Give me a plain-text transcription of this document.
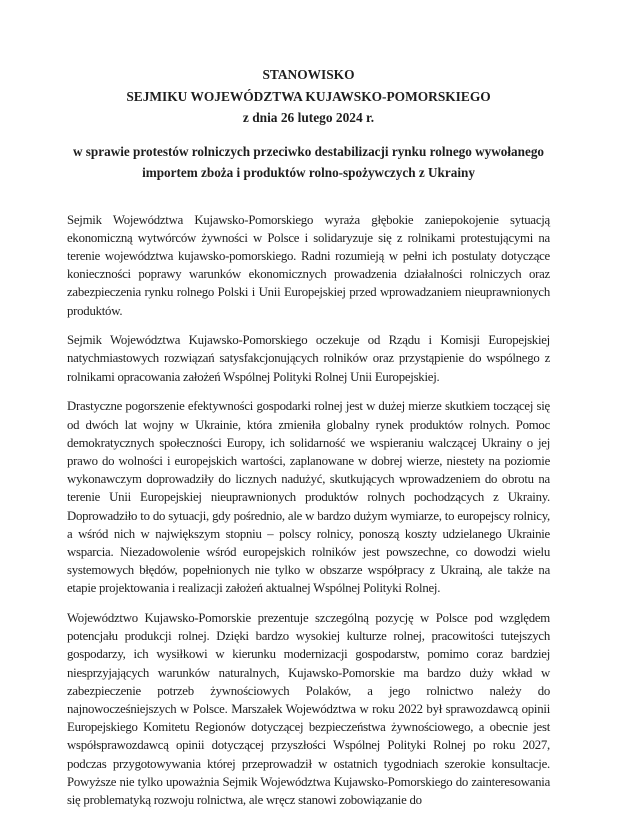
STANOWISKO
SEJMIKU WOJEWÓDZTWA KUJAWSKO-POMORSKIEGO
z dnia 26 lutego 2024 r.
w sprawie protestów rolniczych przeciwko destabilizacji rynku rolnego wywołanego
importem zboża i produktów rolno-spożywczych z Ukrainy

Sejmik Województwa Kujawsko-Pomorskiego wyraża głębokie zaniepokojenie sytuacją ekonomiczną wytwórców żywności w Polsce i solidaryzuje się z rolnikami protestującymi na terenie województwa kujawsko-pomorskiego. Radni rozumieją w pełni ich postulaty dotyczące konieczności poprawy warunków ekonomicznych prowadzenia działalności rolniczych oraz zabezpieczenia rynku rolnego Polski i Unii Europejskiej przed wprowadzaniem nieuprawnionych produktów.

Sejmik Województwa Kujawsko-Pomorskiego oczekuje od Rządu i Komisji Europejskiej natychmiastowych rozwiązań satysfakcjonujących rolników oraz przystąpienie do wspólnego z rolnikami opracowania założeń Wspólnej Polityki Rolnej Unii Europejskiej.

Drastyczne pogorszenie efektywności gospodarki rolnej jest w dużej mierze skutkiem toczącej się od dwóch lat wojny w Ukrainie, która zmieniła globalny rynek produktów rolnych. Pomoc demokratycznych społeczności Europy, ich solidarność we wspieraniu walczącej Ukrainy o jej prawo do wolności i europejskich wartości, zaplanowane w dobrej wierze, niestety na poziomie wykonawczym doprowadziły do licznych nadużyć, skutkujących wprowadzeniem do obrotu na terenie Unii Europejskiej nieuprawnionych produktów rolnych pochodzących z Ukrainy. Doprowadziło to do sytuacji, gdy pośrednio, ale w bardzo dużym wymiarze, to europejscy rolnicy, a wśród nich w największym stopniu – polscy rolnicy, ponoszą koszty udzielanego Ukrainie wsparcia. Niezadowolenie wśród europejskich rolników jest powszechne, co dowodzi wielu systemowych błędów, popełnionych nie tylko w obszarze współpracy z Ukrainą, ale także na etapie projektowania i realizacji założeń aktualnej Wspólnej Polityki Rolnej.

Województwo Kujawsko-Pomorskie prezentuje szczególną pozycję w Polsce pod względem potencjału produkcji rolnej. Dzięki bardzo wysokiej kulturze rolnej, pracowitości tutejszych gospodarzy, ich wysiłkowi w kierunku modernizacji gospodarstw, pomimo coraz bardziej niesprzyjających warunków naturalnych, Kujawsko-Pomorskie ma bardzo duży wkład w zabezpieczenie potrzeb żywnościowych Polaków, a jego rolnictwo należy do najnowocześniejszych w Polsce. Marszałek Województwa w roku 2022 był sprawozdawcą opinii Europejskiego Komitetu Regionów dotyczącej bezpieczeństwa żywnościowego, a obecnie jest współsprawozdawcą opinii dotyczącej przyszłości Wspólnej Polityki Rolnej po roku 2027, podczas przygotowywania której przeprowadził w ostatnich tygodniach szerokie konsultacje. Powyższe nie tylko upoważnia Sejmik Województwa Kujawsko-Pomorskiego do zainteresowania się problematyką rozwoju rolnictwa, ale wręcz stanowi zobowiązanie do
